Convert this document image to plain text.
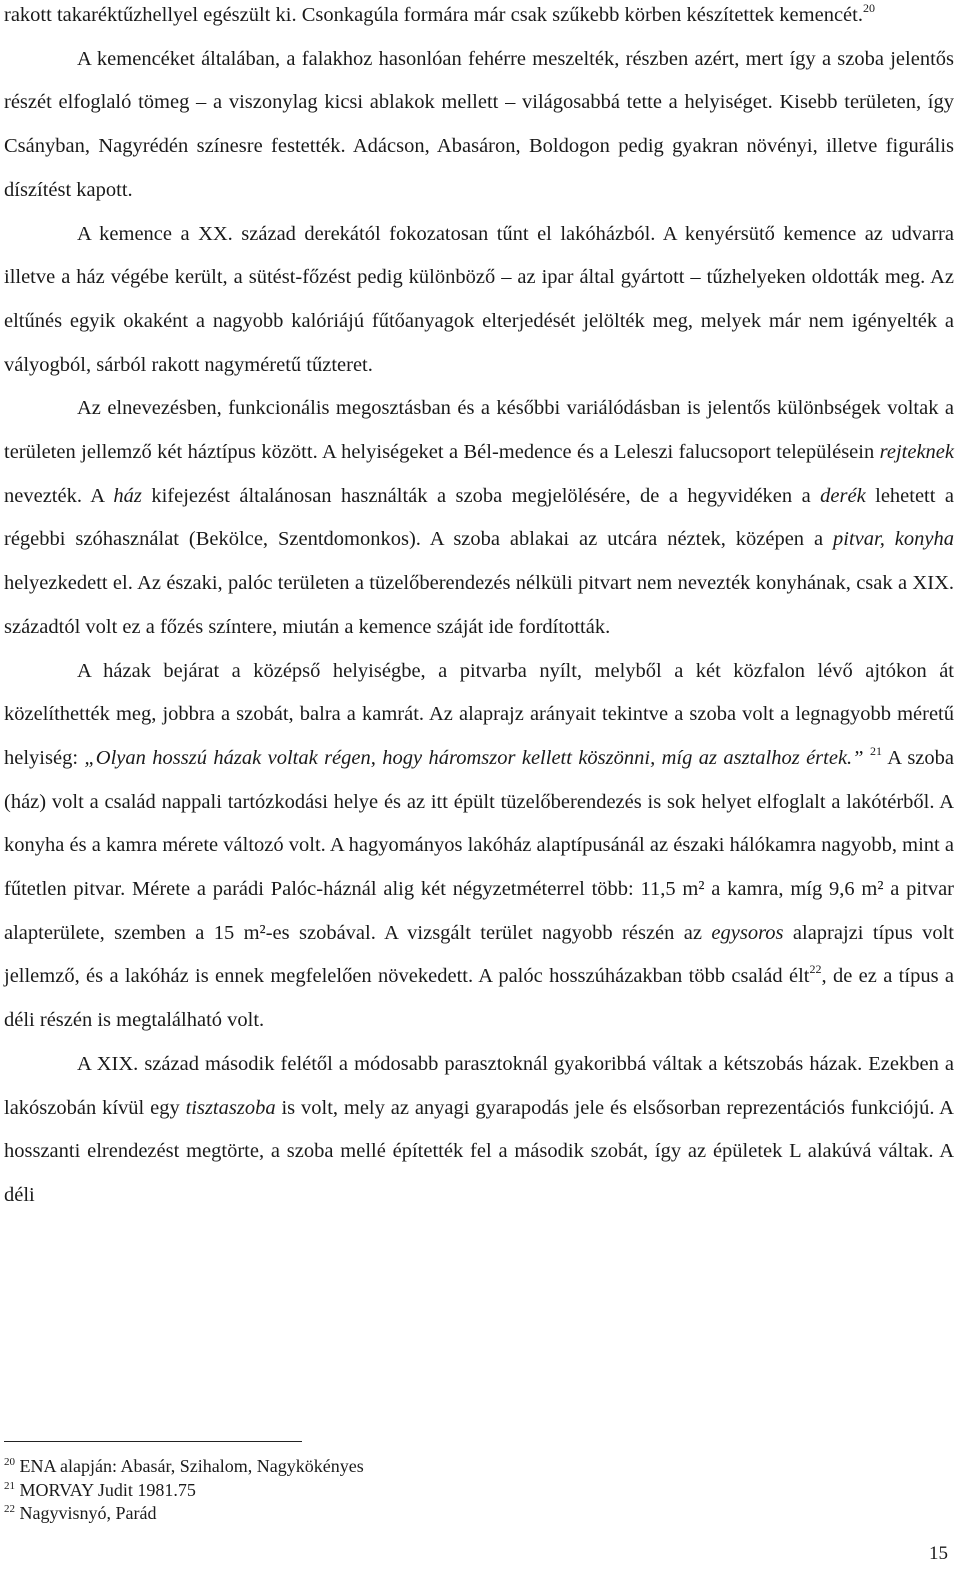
rakott takaréktűzhellyel egészült ki. Csonkagúla formára már csak szűkebb körben készítettek kemencét.$^{20}$

A kemencéket általában, a falakhoz hasonlóan fehérre meszelték, részben azért, mert így a szoba jelentős részét elfoglaló tömeg – a viszonylag kicsi ablakok mellett – világosabbá tette a helyiséget. Kisebb területen, így Csányban, Nagyrédén színesre festették. Adácson, Abasáron, Boldogon pedig gyakran növényi, illetve figurális díszítést kapott.

A kemence a XX. század derekától fokozatosan tűnt el lakóházból. A kenyérsütő kemence az udvarra illetve a ház végébe került, a sütést-főzést pedig különböző – az ipar által gyártott – tűzhelyeken oldották meg. Az eltűnés egyik okaként a nagyobb kalóriájú fűtőanyagok elterjedését jelölték meg, melyek már nem igényelték a vályogból, sárból rakott nagyméretű tűzteret.

Az elnevezésben, funkcionális megosztásban és a későbbi variálódásban is jelentős különbségek voltak a területen jellemző két háztípus között. A helyiségeket a Bél-medence és a Leleszi falucsoport településein rejteknek nevezték. A ház kifejezést általánosan használták a szoba megjelölésére, de a hegyvidéken a derék lehetett a régebbi szóhasználat (Bekölce, Szentdomonkos). A szoba ablakai az utcára néztek, középen a pitvar, konyha helyezkedett el. Az északi, palóc területen a tüzelőberendezés nélküli pitvart nem nevezték konyhának, csak a XIX. századtól volt ez a főzés színtere, miután a kemence száját ide fordították.

A házak bejárat a középső helyiségbe, a pitvarba nyílt, melyből a két közfalon lévő ajtókon át közelíthették meg, jobbra a szobát, balra a kamrát. Az alaprajz arányait tekintve a szoba volt a legnagyobb méretű helyiség: „Olyan hosszú házak voltak régen, hogy háromszor kellett köszönni, míg az asztalhoz értek.” $^{21}$ A szoba (ház) volt a család nappali tartózkodási helye és az itt épült tüzelőberendezés is sok helyet elfoglalt a lakótérből. A konyha és a kamra mérete változó volt. A hagyományos lakóház alaptípusánál az északi hálókamra nagyobb, mint a fűtetlen pitvar. Mérete a parádi Palóc-háznál alig két négyzetméterrel több: 11,5 m² a kamra, míg 9,6 m² a pitvar alapterülete, szemben a 15 m²-es szobával. A vizsgált terület nagyobb részén az egysoros alaprajzi típus volt jellemző, és a lakóház is ennek megfelelően növekedett. A palóc hosszúházakban több család élt$^{22}$, de ez a típus a déli részén is megtalálható volt.

A XIX. század második felétől a módosabb parasztoknál gyakoribbá váltak a kétszobás házak. Ezekben a lakószobán kívül egy tisztaszoba is volt, mely az anyagi gyarapodás jele és elsősorban reprezentációs funkciójú. A hosszanti elrendezést megtörte, a szoba mellé építették fel a második szobát, így az épületek L alakúvá váltak. A déli

$^{20}$ ENA alapján: Abasár, Szihalom, Nagykökényes
$^{21}$ MORVAY Judit 1981.75
$^{22}$ Nagyvisnyó, Parád
15
